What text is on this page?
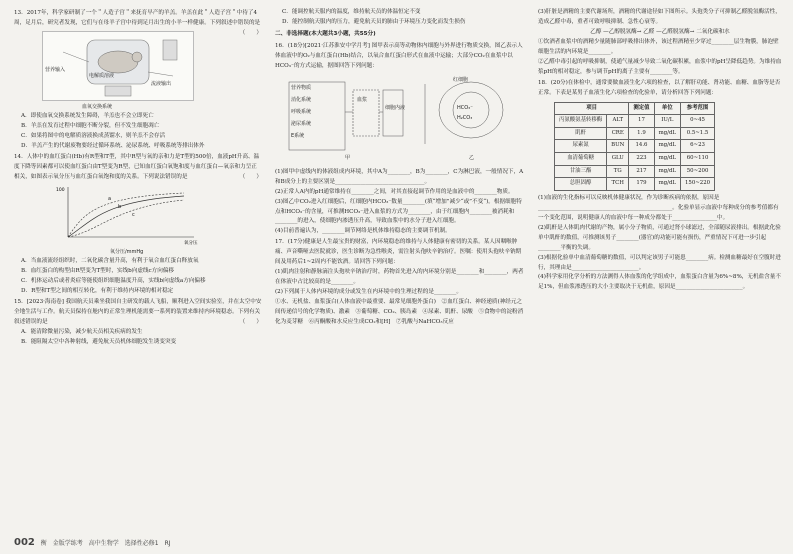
13．2017年，科学家研制了一个＂人造子宫＂来抚育早产的羊羔。羊羔在此＂人造子宫＂中待了4周，足月后，研究者发现，它们与在母羊子宫中待到足月出生的小羊一样健康。下列叙述中错误的是
（　　）

营养输入
电解质溶液
流液输出

血氧交换系统

A．即使血氧交换系统发生障碍，羊羔也不会立即死亡

B．羊羔在发育过程中细胞不断分裂，但不发生细胞凋亡

C．如果将图中的电解质溶液换成蒸馏水，则羊羔不会存活

D．羊羔产生的代谢废物要经过循环系统、泌尿系统、呼吸系统等排出体外

14．人体中的血红蛋白(Hb)有R型和T型，其中R型与氧的亲和力是T型的500倍，血液pH升高、温度下降等因素都可以使血红蛋白由T型变为R型，已知血红蛋白氧饱和度与血红蛋白—氧亲和力呈正相关，如图表示氧分压与血红蛋白氧饱和度的关系。下列说法错误的是	（　　）

100
氧分压
a
b
c

氧分压/mmHg

A．当血液流经组织时，二氧化碳含量升高，有利于氧合血红蛋白释放氧

B．血红蛋白的构型由R型变为T型时，实线b向虚线c方向偏移

C．机体运动后或者炎症等能使组织细胞温度升高，实线b向虚线a方向偏移

D．R型和T型之间的相互转化，有利于维持内环境的相对稳定

15．[2023·海南卷] 我国航天员乘坐我国自主研发的载人飞船，顺利进入空间实验室，并在太空中安全地生活与工作。航天员保持在舱内的正常生理机能需要一系列的装置来维持内环境稳态。下列有关叙述错误的是	（　　）

A．能清除微量污染，减少航天员相关疾病的发生

B．能阻隔太空中各种射线，避免航天员机体细胞发生诱变突变

C．能调控航天服内的温度，维持航天员的体温恒定不变

D．能控制航天服内的压力，避免航天员的肺由于环境压力变化而发生损伤

二、非选择题(本大题共3小题，共55分)

16．(18分)[2021·江苏淮安中学月考] 图甲表示高等动物体内细胞与外界进行物质交换，图乙表示人体血液中的O₂与血红蛋白(Hb)结合，以氧合血红蛋白形式在血液中运输；大部分CO₂在血浆中以HCO₃⁻的方式运输，据图回答下列问题：

营养物质
消化系统
呼吸系统
泌尿系统
E系统
血浆
细胞内液
红细胞
HCO₃⁻
H₂CO₃
甲	乙

(1)图甲中虚线内的体液组成内环境，其中A为________，B为________，C为淋巴液，一般情况下，A和B成分上的主要区别是________________________________。

(2)正常人A内的pH通常维持在________之间，对其直接起调节作用的是血液中的________物质。

(3)图乙中CO₂进入红细胞后，红细胞内HCO₃⁻数量________(填“增加”减少“或”不变“)。根据细胞特点和HCO₃⁻的含量，可推测HCO₃⁻进入血浆的方式为________，由于红细胞内________被消耗和________的进入，使细胞内渗透压升高，导致血浆中的水分子进入红细胞。

(4)目前普遍认为，________调节网络是机体维持稳态的主要调节机制。

17．(17分)健康是人生最宝贵的财富，内环境稳态的维持与人体健康有密切的关系。某人因咽喉肿痛、声音嘶哑去医院就诊，医生诊断为急性喉炎，需注射头孢呋辛钠治疗。医嘱：使用头孢呋辛钠期间及用药后1~2周内不能饮酒。请回答下列问题：

(1)肌肉注射和静脉滴注头孢呋辛钠治疗时，药物首先进入的内环境分别是________和________，两者在体液中占比较高的是________。

(2)下列属于人体内环境的成分或发生在内环境中的生理过程的是________。

①水、无机盐、血浆蛋白(人体血液中最重要、最常见细胞外蛋白)　②血红蛋白、神经递质(神经元之间传递信号的化学物质)、激素　③葡萄糖、CO₂、胰岛素　④尿素、肌酐、尿酸　⑤食物中的淀粉消化为麦芽糖　⑥丙酮酸和水反应生成CO₂和[H]　⑦乳酸与NaHCO₃反应

(3)肝脏是酒精的主要代谢场所，酒精的代谢途径如下图所示。头孢类分子可抑制乙醛脱氢酶活性，造成乙醛中毒，重者可致呼吸抑制、急性心衰等。

乙醇 —乙醇脱氢酶→ 乙醛 —乙醛脱氢酶→ 二氧化碳和水

①饮酒者血浆中的酒精少量随肺部呼吸排出体外，该过程酒精至少穿过________层生物膜，肺泡壁细胞生活的内环境是________。

②乙醛中毒引起的呼吸抑制，使通气量减少导致二氧化碳积累，血浆中的pH呈降低趋势。为维持血浆pH的相对稳定，参与调节pH的离子主要有________等。

18．(20分)在体检中，通常要做血液生化六项的检查，以了解肝功能、肾功能、血糖、血脂等是否正常。下表是某男子血液生化六项检查的化验单，请分析回答下列问题：

项目		测定值	单位	参考范围
丙氨酸氨基转移酶	ALT	17	IU/L	0~45
肌酐	CRE	1.9	mg/dL	0.5~1.5
尿素氮	BUN	14.6	mg/dL	6~23
血清葡萄糖	GLU	223	mg/dL	60~110
甘油三酯	TG	217	mg/dL	50~200
总胆固醇	TCH	179	mg/dL	150~220

(1)血液的生化指标可以反映机体健康状况，作为诊断疾病的依据，原因是________________________________________________。化验单显示血液中每种成分的参考值都有一个变化范围，说明健康人的血液中每一种成分都处于________________中。

(2)肌酐是人体肌肉代谢的产物，属小分子物质，可通过肾小球滤过，全部随尿液排出。根据此化验单中肌酐的数值，可推测该男子________(器官)的功能可能有损伤，严重情况下可进一步引起________平衡的失调。

(3)根据化验单中血清葡萄糖的数值，可以判定该男子可能患________病。检测血糖最好在空腹时进行，其理由是________________________。

(4)科学家用化学分析的方法测得人体血浆的化学组成中，血浆蛋白含量为6%~8%，无机盐含量不足1%，但血浆渗透压的大小主要取决于无机盐，原因是________________________。

002 衡　金版学练考　高中生物学　选择性必修1　RJ
